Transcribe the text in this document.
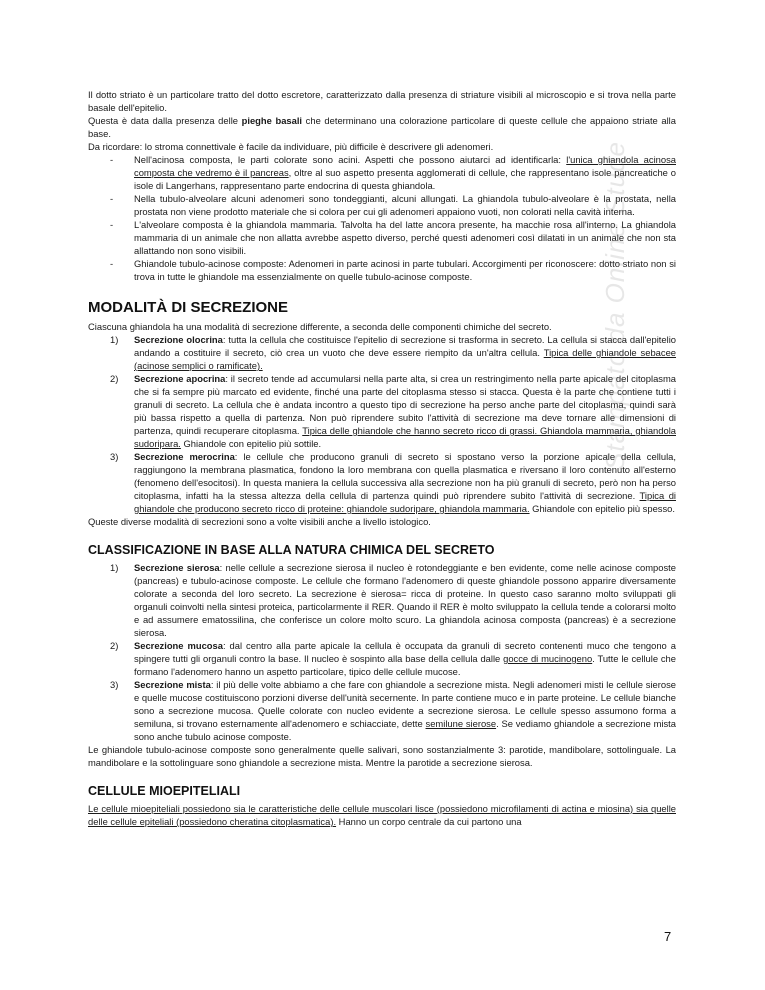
Il dotto striato è un particolare tratto del dotto escretore, caratterizzato dalla presenza di striature visibili al microscopio e si trova nella parte basale dell'epitelio.

Questa è data dalla presenza delle pieghe basali che determinano una colorazione particolare di queste cellule che appaiono striate alla base.

Da ricordare: lo stroma connettivale è facile da individuare, più difficile è descrivere gli adenomeri.

- Nell'acinosa composta, le parti colorate sono acini. Aspetti che possono aiutarci ad identificarla: l'unica ghiandola acinosa composta che vedremo è il pancreas, oltre al suo aspetto presenta agglomerati di cellule, che rappresentano isole pancreatiche o isole di Langerhans, rappresentano parte endocrina di questa ghiandola.
- Nella tubulo-alveolare alcuni adenomeri sono tondeggianti, alcuni allungati. La ghiandola tubulo-alveolare è la prostata, nella prostata non viene prodotto materiale che si colora per cui gli adenomeri appaiono vuoti, non colorati nella cavità interna.
- L'alveolare composta è la ghiandola mammaria. Talvolta ha del latte ancora presente, ha macchie rosa all'interno. La ghiandola mammaria di un animale che non allatta avrebbe aspetto diverso, perché questi adenomeri così dilatati in un animale che non sta allattando non sono visibili.
- Ghiandole tubulo-acinose composte: Adenomeri in parte acinosi in parte tubulari. Accorgimenti per riconoscere: dotto striato non si trova in tutte le ghiandole ma essenzialmente on quelle tubulo-acinose composte.
MODALITÀ DI SECREZIONE

Ciascuna ghiandola ha una modalità di secrezione differente, a seconda delle componenti chimiche del secreto.

1) Secrezione olocrina: tutta la cellula che costituisce l'epitelio di secrezione si trasforma in secreto. La cellula si stacca dall'epitelio andando a costituire il secreto, ciò crea un vuoto che deve essere riempito da un'altra cellula. Tipica delle ghiandole sebacee (acinose semplici o ramificate).
2) Secrezione apocrina: il secreto tende ad accumularsi nella parte alta, si crea un restringimento nella parte apicale del citoplasma che si fa sempre più marcato ed evidente, finché una parte del citoplasma stesso si stacca. Questa è la parte che contiene tutti i granuli di secreto. La cellula che è andata incontro a questo tipo di secrezione ha perso anche parte del citoplasma, quindi sarà più bassa rispetto a quella di partenza. Non può riprendere subito l'attività di secrezione ma deve tornare alle dimensioni di partenza, quindi recuperare citoplasma. Tipica delle ghiandole che hanno secreto ricco di grassi. Ghiandola mammaria, ghiandola sudoripara. Ghiandole con epitelio più sottile.
3) Secrezione merocrina: le cellule che producono granuli di secreto si spostano verso la porzione apicale della cellula, raggiungono la membrana plasmatica, fondono la loro membrana con quella plasmatica e riversano il loro contenuto all'esterno (fenomeno dell'esocitosi). In questa maniera la cellula successiva alla secrezione non ha più granuli di secreto, però non ha perso citoplasma, infatti ha la stessa altezza della cellula di partenza quindi può riprendere subito l'attività di secrezione. Tipica di ghiandole che producono secreto ricco di proteine: ghiandole sudoripare, ghiandola mammaria. Ghiandole con epitelio più spesso.

Queste diverse modalità di secrezioni sono a volte visibili anche a livello istologico.

CLASSIFICAZIONE IN BASE ALLA NATURA CHIMICA DEL SECRETO
1) Secrezione sierosa: nelle cellule a secrezione sierosa il nucleo è rotondeggiante e ben evidente, come nelle acinose composte (pancreas) e tubulo-acinose composte. Le cellule che formano l'adenomero di queste ghiandole possono apparire diversamente colorate a seconda del loro secreto. La secrezione è sierosa= ricca di proteine. In questo caso saranno molto sviluppati gli organuli coinvolti nella sintesi proteica, particolarmente il RER. Quando il RER è molto sviluppato la cellula tende a colorarsi molto e ad assumere ematossilina, che conferisce un colore molto scuro. La ghiandola acinosa composta (pancreas) è a secrezione sierosa.
2) Secrezione mucosa: dal centro alla parte apicale la cellula è occupata da granuli di secreto contenenti muco che tengono a spingere tutti gli organuli contro la base. Il nucleo è sospinto alla base della cellula dalle gocce di mucinogeno. Tutte le cellule che formano l'adenomero hanno un aspetto particolare, tipico delle cellule mucose.
3) Secrezione mista: il più delle volte abbiamo a che fare con ghiandole a secrezione mista. Negli adenomeri misti le cellule sierose e quelle mucose costituiscono porzioni diverse dell'unità secernente. In parte contiene muco e in parte proteine. Le cellule bianche sono a secrezione mucosa. Quelle colorate con nucleo evidente a secrezione sierosa. Le cellule spesso assumono forma a semiluna, si trovano esternamente all'adenomero e schiacciate, dette semilune sierose. Se vediamo ghiandole a secrezione mista sono anche tubulo acinose composte.

Le ghiandole tubulo-acinose composte sono generalmente quelle salivari, sono sostanzialmente 3: parotide, mandibolare, sottolinguale. La mandibolare e la sottolinguare sono ghiandole a secrezione mista. Mentre la parotide a secrezione sierosa.

CELLULE MIOEPITELIALI

Le cellule mioepiteliali possiedono sia le caratteristiche delle cellule muscolari lisce (possiedono microfilamenti di actina e miosina) sia quelle delle cellule epiteliali (possiedono cheratina citoplasmatica). Hanno un corpo centrale da cui partono una

Stampato da Online Stude
7
